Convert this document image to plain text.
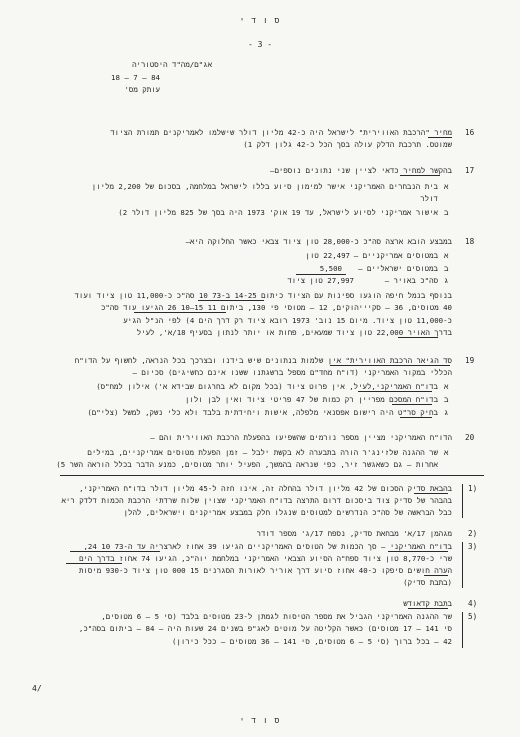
ס ו ד י
- 3 -
אג"ם/מה"ד היסטוריה
84 – 7 – 18
עותק מס'
16
מחיר "הרכבת האווירית" לישראל היה כ-42 מליון דולר שישלמו לאמריקנים תמורת הציוד
שמוטס. תרכבת הדלק עולה בסך הכל כ-42 גלון דלק 1)
17
בהקשר למחיר כדאי לציין שני נתונים נוספים–
א
בית הנבחרים האמריקני אישר למימון סיוע בללו לישראל במלחמה, בסכום של 2,200 מליון
דולר
ב
אישור אמריקני לסיוע לישראל, עד 19 אוק' 1973 היה בסך של 825 מליון דולר 2)
18
במבצע הובא ארצה סה"כ כ-28,000 טון ציוד צבאי כאשר החלוקה היא–
א
במטוסים אמריקניים –
22,497 טון
ב
במטוסים ישראליים –
5,500
ג
סה"כ באויר –
27,997 טון ציוד
בנוסף בנמל חיפה הוגעו ספינות עם הציוד כיתום 14-25 ב-73 10 סה"כ כ-11,000 טון ציוד ועוד
40 מטוסים, 36 – סקיייהוקים, 12 – מטוסי פי 130, ביתום 11 15–10 26 הגיעו עוד סה"כ
כ-11,000 טון ציוד. מיום 15 נוב' 1973 רובא ציוד רק דרך הים 4) לפי הנ"ל הגיע
בדרך האויר 22,000 טון ציוד שמעאים, פחות או יותר לנתון בסעיף 18/א', לעיל
19
סד הגיאר הרכבת האווירית" אין שלמות בנתונים שיש בידנו ובצרכך בכל הנראה, לחשוף על הדו"ח
הכללי במקור האמריקני (דו"ח מחד"ם מספל ברשגתנו ששנו אינם כחשיגים) סכיום –
א
בדו"ח האמריקני,לעיל, אין פרוט ציוד (בכל מקום לא בחרגום שבידא א') אילון למח"ס)
ב
בדו"ח המסכם מפריין רק כמות של 47 פריטי ציוד ואין לבן ולון
ג
בחיק סר"ט היה רישום אפסנאי מלפלה, אישות ויחידתית בלבד ולא כלי נשק, למשל (צלי"ם)
20
הדו"ח האמריקני מציין מספר נורמים שהשפיעו בהפעלת הרכבת האווירית והם –
א
שר ההגנה שלזינג'ר הורה בתבערה לא בקשת ילבל – זמן הפעלת מטוסים אמריקניים, במילים
אחרות – גם כשאגשר זיר, כפי שנראה בהמשך, הפעיל יותר מטוסים, כמנע הדבר בכלל הוראה השר 5)
1)
בהבאת סדיק הסכום של 42 מליון דולר בהחלה זה, אינו חזה ל-45 מליון דולר בדו"ח האמריקני,
בהבהר של סדיק צוד ביסכום דרום התרצה בדו"ח האמריקני שצוין שלוח שרדתי הרכבת הכמות דלדק ריא
כבל הבראשה של סה"כ הנדרשים למטוסים שנגלו חלק במבצע אמריקנים וישראלים, להלן
2)
מגהמן 17/א' מבחאת סדיק, נספח 17/ג' מספר דודר
3)
בדו"ח האמריקני – סך הכמות של הטוסים האמריקניים הגיעו 39 אחוז לארצריה עד ה-73 10 24,
שרי כ-8,770 טון ציוד ספח"ה הסיוע הצבאי האמריקני במלחמת יוה"כ, הגיעו 74 אחוז בדרך הים
הערה חושים סיפקו כ-40 אחוז סיוע דרך אוריר לאורות הסגרנים 15 000 טון ציוד כ-930 מיסות
(בתבת סדיק)
4)
בתבת קדאודש
5)
שר ההגנה האמריקני הגביל את מספר הטיסות לגמתן ל-23 מטוסים בלבד (סי 5 – 6 מטוסים,
סי 141 – 17 מטוסים) כאשר הקליטה על מוטים לאג"פ בשנים 24 שעות היה – 84 – ביתום בסה"כ,
42 – בכל ברוך (סי 5 – 6 מטוסים, סי 141 – 36 מטוסים – ככל כירון)
4/
ס ו ד י
